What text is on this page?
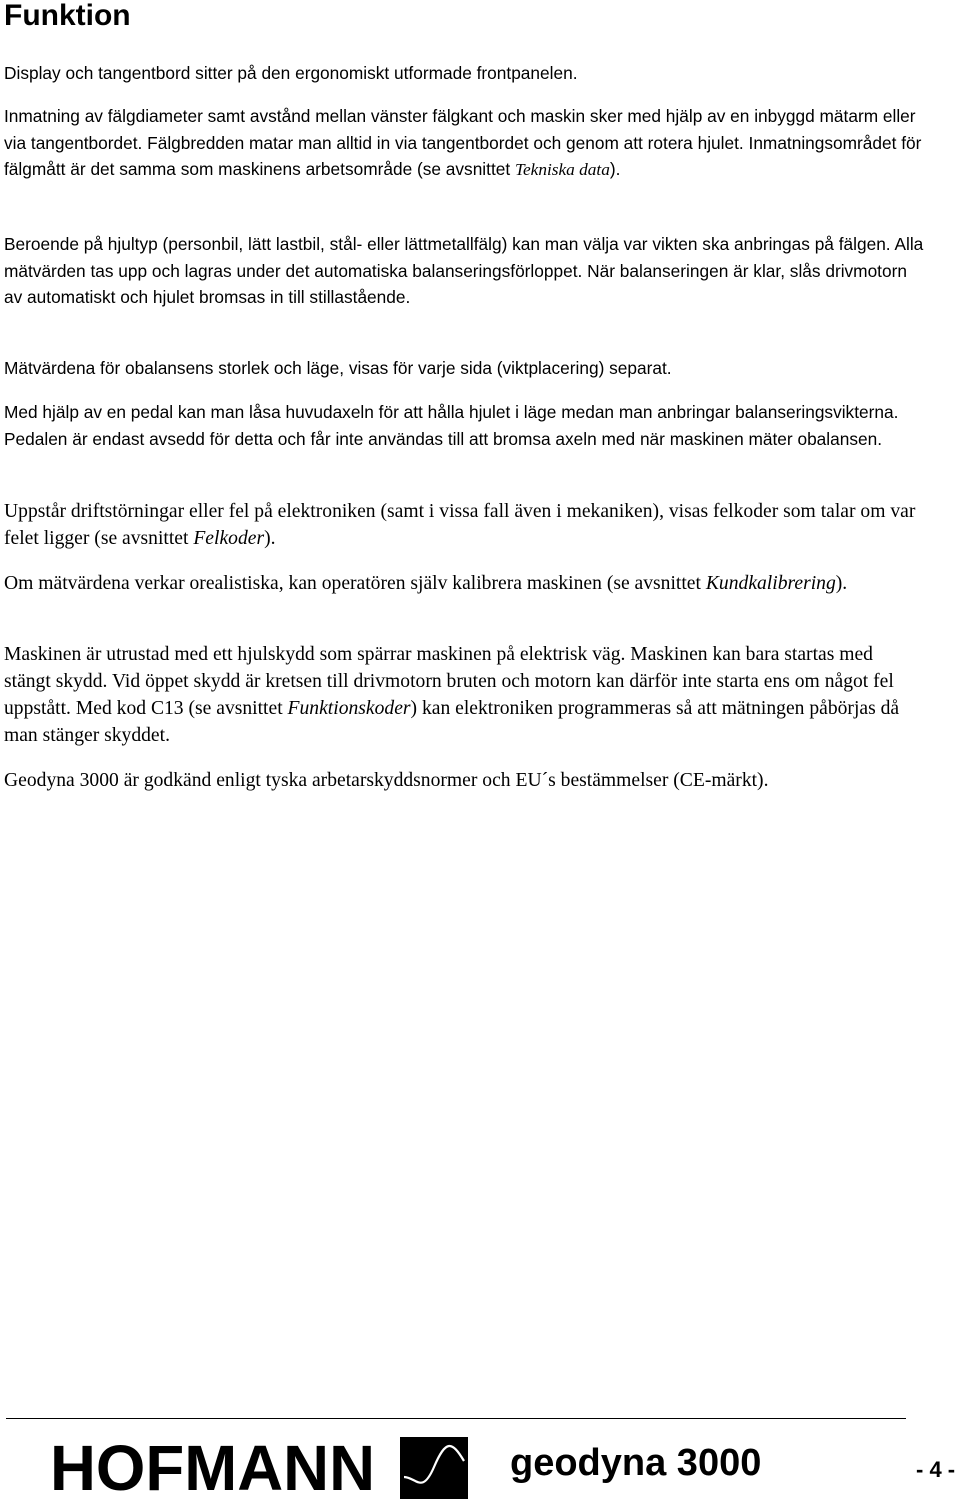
Funktion

Display och tangentbord sitter på den ergonomiskt utformade frontpanelen.

Inmatning av fälgdiameter samt avstånd mellan vänster fälgkant och maskin sker med hjälp av en inbyggd mätarm eller via tangentbordet. Fälgbredden matar man alltid in via tangentbordet och genom att rotera hjulet. Inmatningsområdet för fälgmått är det samma som maskinens arbetsområde (se avsnittet Tekniska data).

Beroende på hjultyp (personbil, lätt lastbil, stål- eller lättmetallfälg) kan man välja var vikten ska anbringas på fälgen. Alla mätvärden tas upp och lagras under det automatiska balanseringsförloppet. När balanseringen är klar, slås drivmotorn av automatiskt och hjulet bromsas in till stillastående.

Mätvärdena för obalansens storlek och läge, visas för varje sida (viktplacering) separat.

Med hjälp av en pedal kan man låsa huvudaxeln för att hålla hjulet i läge medan man anbringar balanseringsvikterna. Pedalen är endast avsedd för detta och får inte användas till att bromsa axeln med när maskinen mäter obalansen.

Uppstår driftstörningar eller fel på elektroniken (samt i vissa fall även i mekaniken), visas felkoder som talar om var felet ligger (se avsnittet Felkoder).

Om mätvärdena verkar orealistiska, kan operatören själv kalibrera maskinen (se avsnittet Kundkalibrering).

Maskinen är utrustad med ett hjulskydd som spärrar maskinen på elektrisk väg. Maskinen kan bara startas med stängt skydd. Vid öppet skydd är kretsen till drivmotorn bruten och motorn kan därför inte starta ens om något fel uppstått. Med kod C13 (se avsnittet Funktionskoder) kan elektroniken programmeras så att mätningen påbörjas då man stänger skyddet.

Geodyna 3000 är godkänd enligt tyska arbetarskyddsnormer och EU´s bestämmelser (CE-märkt).

HOFMANN	geodyna 3000	- 4 -
